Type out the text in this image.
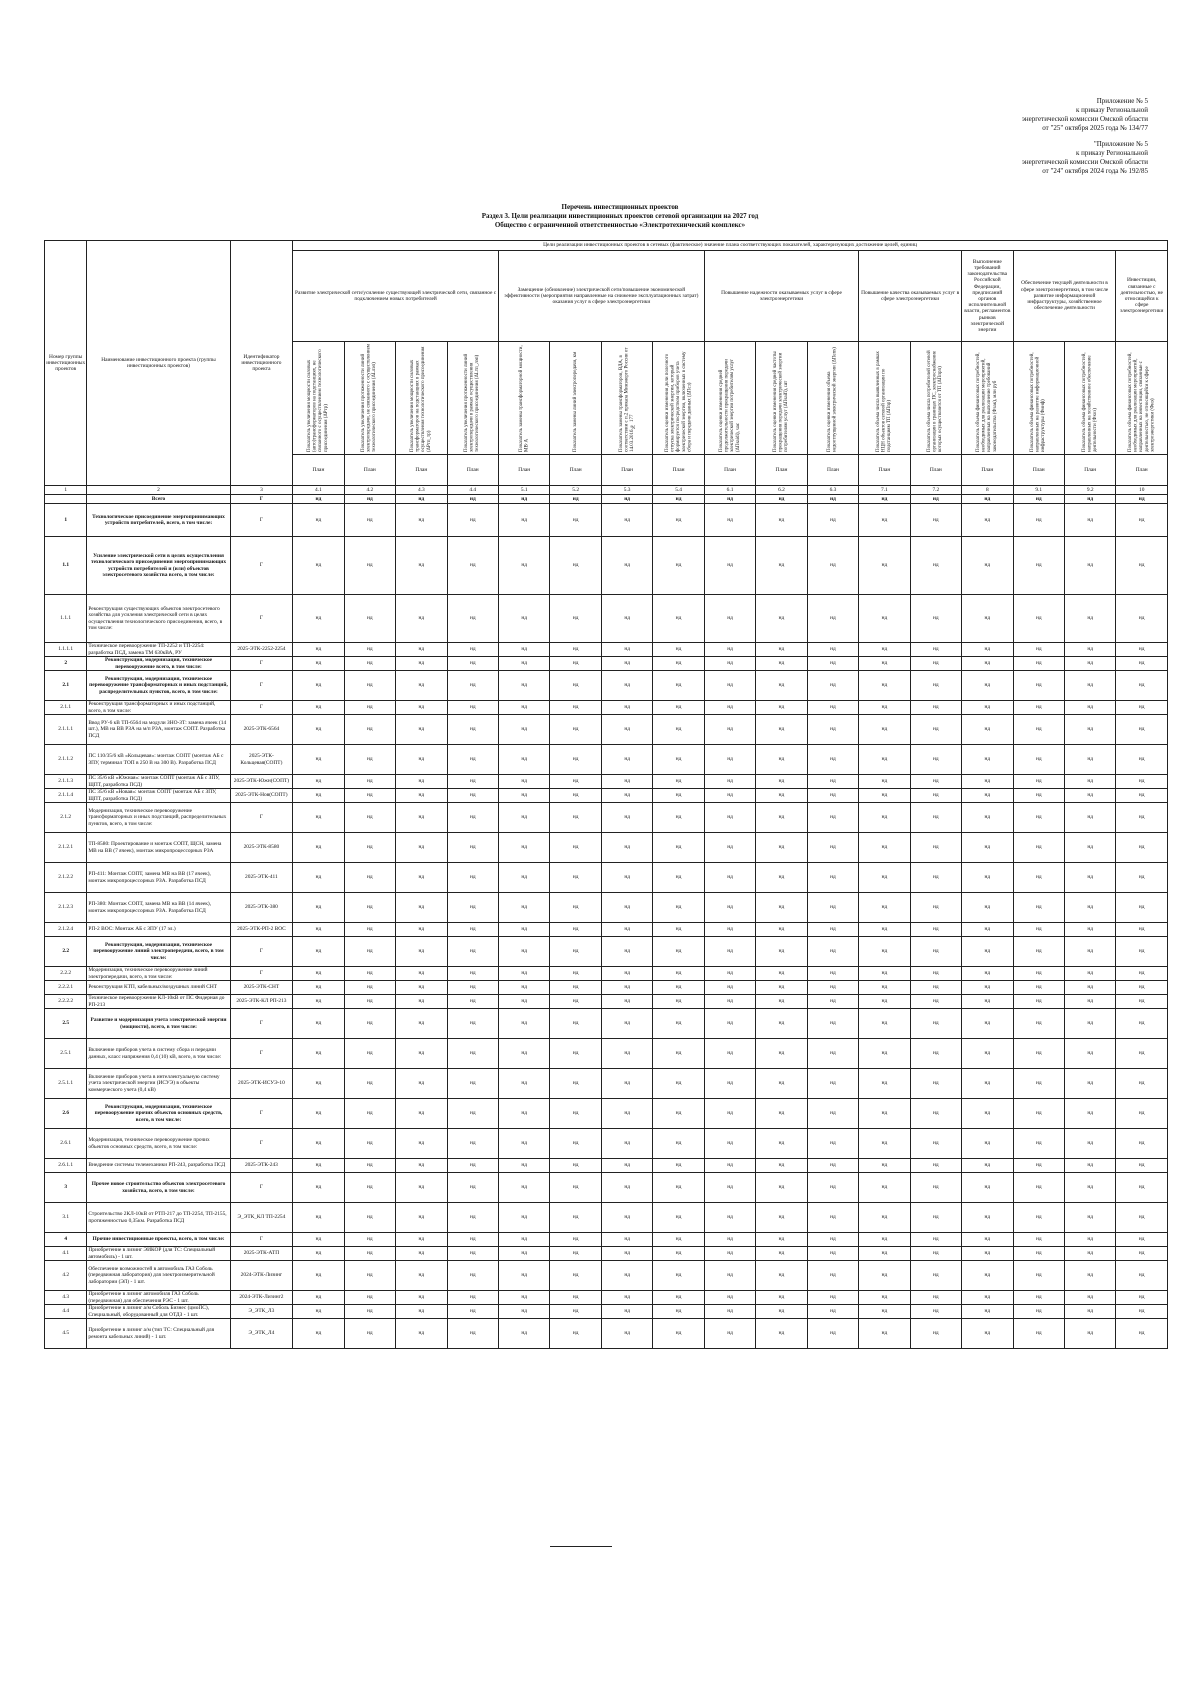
Приложение № 5
к приказу Региональной
энергетической комиссии Омской области
от "25" октября 2025 года № 134/77
"Приложение № 5
к приказу Региональной
энергетической комиссии Омской области
от "24" октября 2024 года № 192/85
Перечень инвестиционных проектов
Раздел 3. Цели реализации инвестиционных проектов сетевой организации на 2027 год
Общество с ограниченной ответственностью «Электротехнический комплекс»
Номер группы инвестиционных проектов	Наименование инвестиционного проекта (группы инвестиционных проектов)	Идентификатор инвестиционного проекта	Цели реализации инвестиционных проектов в сетевых (фактическое) значение плана соответствующих показателей, характеризующих достижение целей, единиц																
			Развитие электрической сети/усиление существующей электрической сети, связанное с подключением новых потребителей				Замещение (обновление) электрической сети/повышение экономической эффективности (мероприятия направленные на снижение эксплуатационных затрат) оказания услуг в сфере электроэнергетики				Повышение надежности оказываемых услуг в сфере электроэнергетики			Повышение качества оказываемых услуг в сфере электроэнергетики		Выполнение требований законодательства Российской Федерации, предписаний органов исполнительной власти, регламентов рынков электрической энергии	Обеспечение текущей деятельности в сфере электроэнергетики, в том числе развитие информационной инфраструктуры, хозяйственное обеспечение деятельности		Инвестиции, связанные с деятельностью, не относящейся к сфере электроэнергетики

			Показатель увеличения мощности силовых (авто)трансформаторов на подстанциях, не связанного с осуществлением технологического присоединения (ΔPтр)	Показатель увеличения протяженности линий электропередачи, не связанного с осуществлением технологического присоединения (ΔLлэп)	Показатель увеличения мощности силовых трансформаторов на подстанциях в рамках осуществления технологического присоединения (ΔPтп_тр)	Показатель увеличения протяженности линий электропередачи в рамках осуществления технологического присоединения (ΔLтп_лэп)	Показатель замены трансформаторной мощности, МВ·А	Показатель замены линий электропередачи, км	Показатель замены трансформаторов, ВДА, в соответствии с п.2 приказа Минэнерго России от 14.03.2016 № 177	Показатель оценки изменения доли полезного отпуска электрической энергии, который формируется посредством приборов учета электрической энергии, включенных в систему сбора и передачи данных (ΔПсз)	Показатель оценки изменения средней продолжительности прекращения передачи электрической энергии потребителям услуг (ΔПsaidi), час	Показатель оценки изменения средней частоты прекращения передачи электрической энергии потребителям услуг (ΔПsaifi), шт	Показатель оценки изменения объема недоотпущенной электрической энергии (ΔПens)	Показатель объема числа выявленных в рамках НЦН объектов сетевой организации по подстанциям ТП (ΔПnp)	Показатель объема числа потребителей сетевой организации в границах ПС, электроснабжение которых осуществляется от ТП (ΔПпрп)	Показатель объема финансовых потребностей, необходимых для реализации мероприятий, направленных на выполнение требований законодательства (Фзак), млн руб	Показатель объема финансовых потребностей, направленных на развитие информационной инфраструктуры (Финф)	Показатель объема финансовых потребностей, направленных на хозяйственное обеспечение деятельности (Фхоз)	Показатель объема финансовых потребностей, необходимых для реализации мероприятий, направленных на инвестиции, связанные с деятельностью, не относящейся к сфере электроэнергетики (Фнэ)

			План	План	План	План	План	План	План	План	План	План	План	План	План	План	План	План	План
1	2	3	4.1	4.2	4.3	4.4	5.1	5.2	5.3	5.4	6.1	6.2	6.3	7.1	7.2	8	9.1	9.2	10
	Всего	Г	нд	нд	нд	нд	нд	нд	нд	нд	нд	нд	нд	нд	нд	нд	нд	нд	нд
1	Технологическое присоединение энергопринимающих устройств потребителей, всего, в том числе:	Г	нд	нд	нд	нд	нд	нд	нд	нд	нд	нд	нд	нд	нд	нд	нд	нд	нд
1.1	Усиление электрической сети в целях осуществления технологического присоединения энергопринимающих устройств потребителей и (или) объектов электросетевого хозяйства всего, в том числе:	Г	нд	нд	нд	нд	нд	нд	нд	нд	нд	нд	нд	нд	нд	нд	нд	нд	нд
1.1.1	Реконструкция существующих объектов электросетевого хозяйства для усиления электрической сети в целях осуществления технологического присоединения, всего, в том числе:	Г	нд	нд	нд	нд	нд	нд	нд	нд	нд	нд	нд	нд	нд	нд	нд	нд	нд
1.1.1.1	Техническое перевооружение ТП-2252 и ТП-2254: разработка ПСД, замена ТМ 630кВА, РУ	2025-ЭТК-2252-2254	нд	нд	нд	нд	нд	нд	нд	нд	нд	нд	нд	нд	нд	нд	нд	нд	нд
2	Реконструкция, модернизация, техническое перевооружение всего, в том числе:	Г	нд	нд	нд	нд	нд	нд	нд	нд	нд	нд	нд	нд	нд	нд	нд	нд	нд
2.1	Реконструкция, модернизация, техническое перевооружение трансформаторных и иных подстанций, распределительных пунктов, всего, в том числе:	Г	нд	нд	нд	нд	нд	нд	нд	нд	нд	нд	нд	нд	нд	нд	нд	нд	нд
2.1.1	Реконструкция трансформаторных и иных подстанций, всего, в том числе:	Г	нд	нд	нд	нд	нд	нд	нд	нд	нд	нд	нд	нд	нд	нд	нд	нд	нд
2.1.1.1	Ввод РУ-6 кВ ТП-6564 на модули ЗНО-ЗТ: замена ячеек (14 шт.), МВ на ВВ РЗА на м/п РЗА, монтаж СОПТ. Разработка ПСД	2025-ЭТК-6564	нд	нд	нд	нд	нд	нд	нд	нд	нд	нд	нд	нд	нд	нд	нд	нд	нд
2.1.1.2	ПС 110/35/6 кВ «Кольцевая»: монтаж СОПТ (монтаж АБ с ЗПУ, терминал ТОП в 250 В на 300 В). Разработка ПСД	2025-ЭТК-Кольцевая(СОПТ)	нд	нд	нд	нд	нд	нд	нд	нд	нд	нд	нд	нд	нд	нд	нд	нд	нд
2.1.1.3	ПС 35/6 кВ «Южная»: монтаж СОПТ (монтаж АБ с ЗПУ, ЩПТ, разработка ПСД)	2025-ЭТК-Южн(СОПТ)	нд	нд	нд	нд	нд	нд	нд	нд	нд	нд	нд	нд	нд	нд	нд	нд	нд
2.1.1.4	ПС 35/6 кВ «Новая»: монтаж СОПТ (монтаж АБ с ЗПУ, ЩПТ, разработка ПСД)	2025-ЭТК-Нов(СОПТ)	нд	нд	нд	нд	нд	нд	нд	нд	нд	нд	нд	нд	нд	нд	нд	нд	нд
2.1.2	Модернизация, техническое перевооружение трансформаторных и иных подстанций, распределительных пунктов, всего, в том числе:	Г	нд	нд	нд	нд	нд	нд	нд	нд	нд	нд	нд	нд	нд	нд	нд	нд	нд
2.1.2.1	ТП-8580: Проектирование и монтаж СОПТ, ЩСН, замена МВ на ВВ (7 ячеек), монтаж микропроцессорных РЗА	2025-ЭТК-8580	нд	нд	нд	нд	нд	нд	нд	нд	нд	нд	нд	нд	нд	нд	нд	нд	нд
2.1.2.2	РП-411: Монтаж СОПТ, замена МВ на ВВ (17 ячеек), монтаж микропроцессорных РЗА. Разработка ПСД	2025-ЭТК-411	нд	нд	нд	нд	нд	нд	нд	нд	нд	нд	нд	нд	нд	нд	нд	нд	нд
2.1.2.3	РП-380: Монтаж СОПТ, замена МВ на ВВ (14 ячеек), монтаж микропроцессорных РЗА. Разработка ПСД	2025-ЭТК-380	нд	нд	нд	нд	нд	нд	нд	нд	нд	нд	нд	нд	нд	нд	нд	нд	нд
2.1.2.4	РП-2 ВОС: Монтаж АБ с ЗПУ (17 эл.)	2025-ЭТК-РП-2 ВОС	нд	нд	нд	нд	нд	нд	нд	нд	нд	нд	нд	нд	нд	нд	нд	нд	нд
2.2	Реконструкция, модернизация, техническое перевооружение линий электропередачи, всего, в том числе:	Г	нд	нд	нд	нд	нд	нд	нд	нд	нд	нд	нд	нд	нд	нд	нд	нд	нд
2.2.2	Модернизация, техническое перевооружение линий электропередачи, всего, в том числе:	Г	нд	нд	нд	нд	нд	нд	нд	нд	нд	нд	нд	нд	нд	нд	нд	нд	нд
2.2.2.1	Реконструкция КТП, кабельных/воздушных линий СНТ	2025-ЭТК-СНТ	нд	нд	нд	нд	нд	нд	нд	нд	нд	нд	нд	нд	нд	нд	нд	нд	нд
2.2.2.2	Техническое перевооружение КЛ-10кВ от ПС Фидерная до РП-213	2025-ЭТК-КЛ РП-213	нд	нд	нд	нд	нд	нд	нд	нд	нд	нд	нд	нд	нд	нд	нд	нд	нд
2.5	Развитие и модернизация учета электрической энергии (мощности), всего, в том числе:	Г	нд	нд	нд	нд	нд	нд	нд	нд	нд	нд	нд	нд	нд	нд	нд	нд	нд
2.5.1	Включение приборов учета в систему сбора и передачи данных, класс напряжения 0,4 (10) кВ, всего, в том числе:	Г	нд	нд	нд	нд	нд	нд	нд	нд	нд	нд	нд	нд	нд	нд	нд	нд	нд
2.5.1.1	Включение приборов учета в интеллектуальную систему учета электрической энергии (ИСУЭ) в объекты коммерческого учета (0,4 кВ)	2025-ЭТК-ИСУЭ-10	нд	нд	нд	нд	нд	нд	нд	нд	нд	нд	нд	нд	нд	нд	нд	нд	нд
2.6	Реконструкция, модернизация, техническое перевооружение прочих объектов основных средств, всего, в том числе:	Г	нд	нд	нд	нд	нд	нд	нд	нд	нд	нд	нд	нд	нд	нд	нд	нд	нд
2.6.1	Модернизация, техническое перевооружение прочих объектов основных средств, всего, в том числе:	Г	нд	нд	нд	нд	нд	нд	нд	нд	нд	нд	нд	нд	нд	нд	нд	нд	нд
2.6.1.1	Внедрение системы телемеханики РП-243, разработка ПСД	2025-ЭТК-243	нд	нд	нд	нд	нд	нд	нд	нд	нд	нд	нд	нд	нд	нд	нд	нд	нд
3	Прочее новое строительство объектов электросетевого хозяйства, всего, в том числе:	Г	нд	нд	нд	нд	нд	нд	нд	нд	нд	нд	нд	нд	нд	нд	нд	нд	нд
3.1	Строительство 2КЛ-10кВ от РТП-217 до ТП-2254, ТП-2155, протяженностью 0,35км. Разработка ПСД	Э_ЭТК_КЛ ТП-2254	нд	нд	нд	нд	нд	нд	нд	нд	нд	нд	нд	нд	нд	нд	нд	нд	нд
4	Прочие инвестиционные проекты, всего, в том числе:	Г	нд	нд	нд	нд	нд	нд	нд	нд	нд	нд	нд	нд	нд	нд	нд	нд	нд
4.1	Приобретение в лизинг ЭИКОР (для ТС: Специальный автомобиль) - 1 шт.	2025-ЭТК-АТП	нд	нд	нд	нд	нд	нд	нд	нд	нд	нд	нд	нд	нд	нд	нд	нд	нд
4.2	Обеспечение возможностей в автомобиль ГАЗ Соболь (передвижная лаборатория) для электроизмерительной лаборатории (ЭЛ) - 1 шт.	2024-ЭТК-Лизинг	нд	нд	нд	нд	нд	нд	нд	нд	нд	нд	нд	нд	нд	нд	нд	нд	нд
4.3	Приобретение в лизинг автомобиля ГАЗ Соболь (передвижная) для обеспечения РЭС - 1 шт.	2024-ЭТК-Лизинг2	нд	нд	нд	нд	нд	нд	нд	нд	нд	нд	нд	нд	нд	нд	нд	нд	нд
4.4	Приобретение в лизинг а/м Соболь Бизнес (цмоПС), Специальный, оборудованный для ОТДЗ - 1 шт.	Э_ЭТК_Л3	нд	нд	нд	нд	нд	нд	нд	нд	нд	нд	нд	нд	нд	нд	нд	нд	нд
4.5	Приобретение в лизинг а/м (тип ТС: Специальный для ремонта кабельных линий) - 1 шт.	Э_ЭТК_Л4	нд	нд	нд	нд	нд	нд	нд	нд	нд	нд	нд	нд	нд	нд	нд	нд	нд
